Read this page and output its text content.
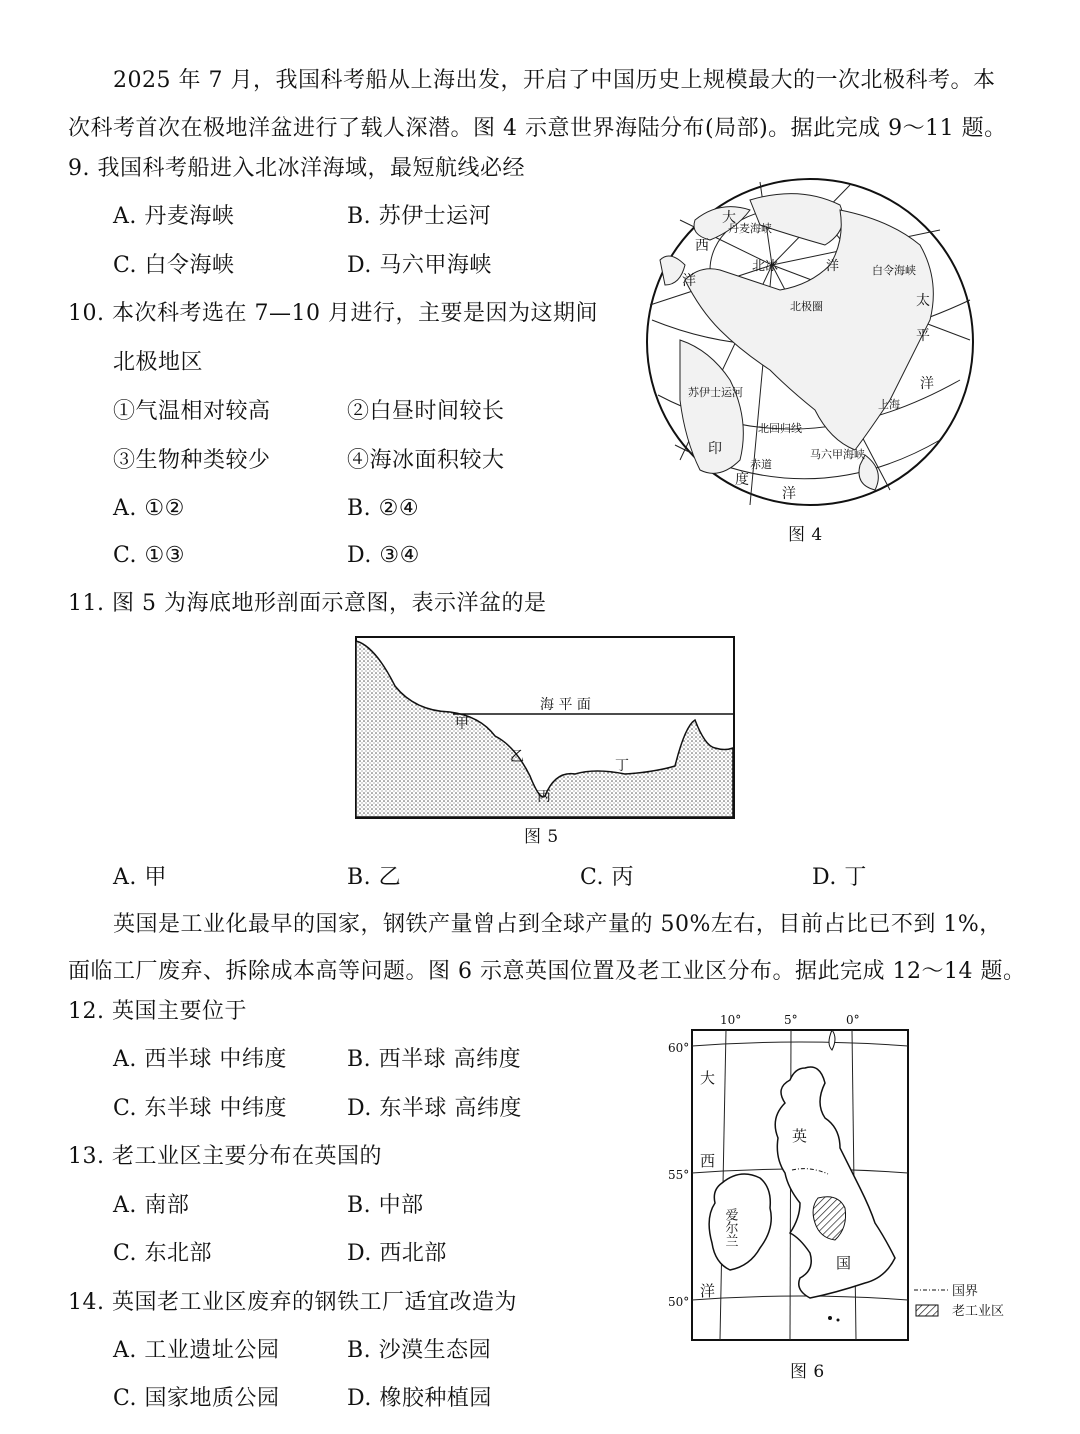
2025 年 7 月，我国科考船从上海出发，开启了中国历史上规模最大的一次北极科考。本
次科考首次在极地洋盆进行了载人深潜。图 4 示意世界海陆分布(局部)。据此完成 9～11 题。
9. 我国科考船进入北冰洋海域，最短航线必经
A. 丹麦海峡	B. 苏伊士运河
C. 白令海峡	D. 马六甲海峡
10. 本次科考选在 7—10 月进行，主要是因为这期间
北极地区
①气温相对较高	②白昼时间较长
③生物种类较少	④海冰面积较大
A. ①②	B. ②④
C. ①③	D. ③④
大
西
洋
丹麦海峡
北冰	洋
北极圈
白令海峡
太
平
洋
上海
苏伊士运河
北回归线
马六甲海峡
印
度
洋
赤道
图 4
11. 图 5 为海底地形剖面示意图，表示洋盆的是
海 平 面
甲
乙
丙
丁
图 5
A. 甲	B. 乙	C. 丙	D. 丁
英国是工业化最早的国家，钢铁产量曾占到全球产量的 50%左右，目前占比已不到 1%，
面临工厂废弃、拆除成本高等问题。图 6 示意英国位置及老工业区分布。据此完成 12～14 题。
12. 英国主要位于
A. 西半球 中纬度	B. 西半球 高纬度
C. 东半球 中纬度	D. 东半球 高纬度
13. 老工业区主要分布在英国的
A. 南部	B. 中部
C. 东北部	D. 西北部
14. 英国老工业区废弃的钢铁工厂适宜改造为
A. 工业遗址公园	B. 沙漠生态园
C. 国家地质公园	D. 橡胶种植园
10°	5°	0°
60°
55°
50°
大
西
洋
英
国
爱尔兰
国界
老工业区
图 6
